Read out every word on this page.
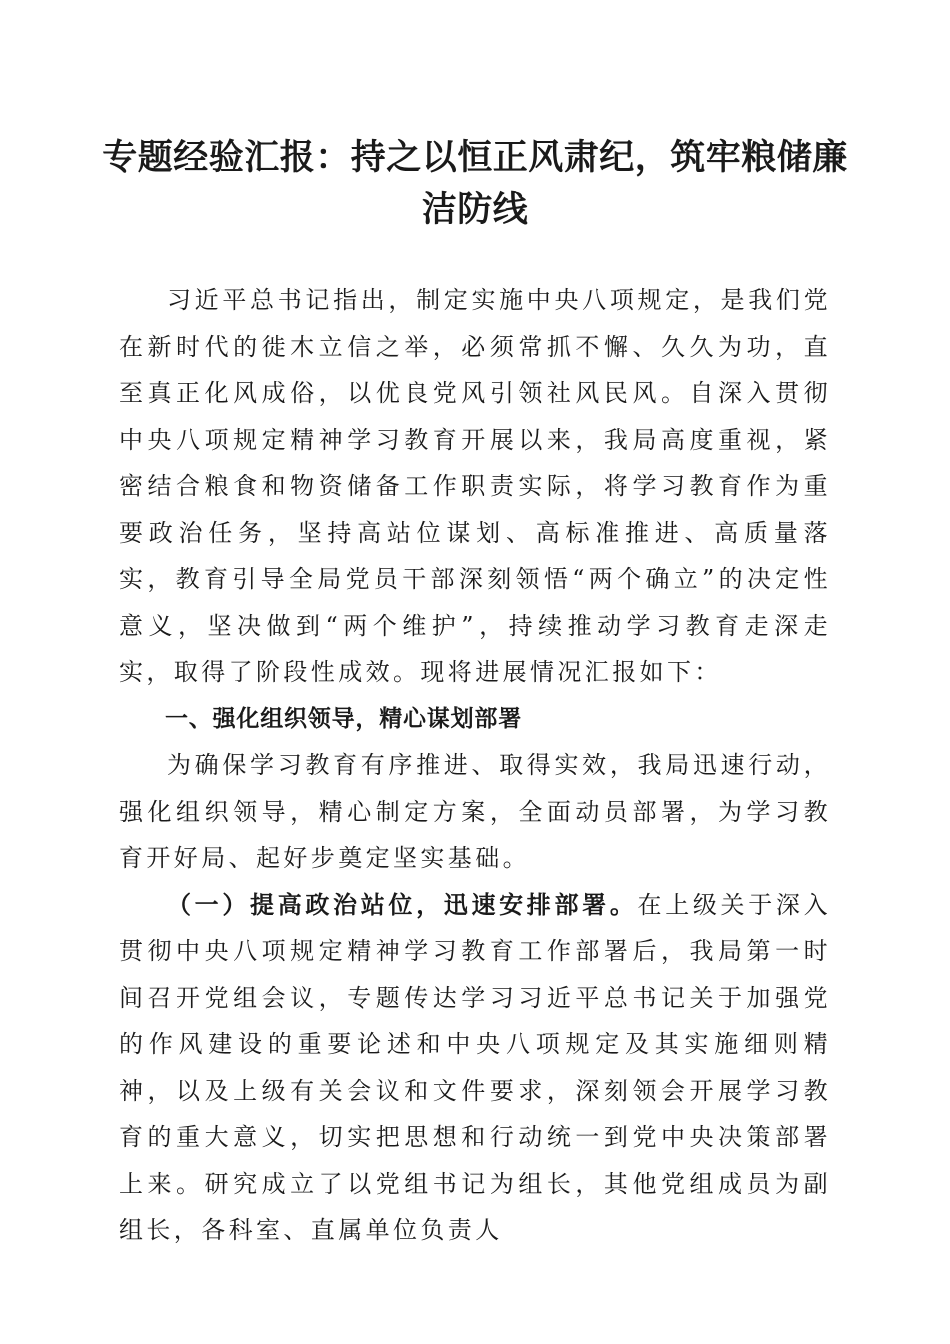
专题经验汇报：持之以恒正风肃纪，筑牢粮储廉洁防线

习近平总书记指出，制定实施中央八项规定，是我们党在新时代的徙木立信之举，必须常抓不懈、久久为功，直至真正化风成俗，以优良党风引领社风民风。自深入贯彻中央八项规定精神学习教育开展以来，我局高度重视，紧密结合粮食和物资储备工作职责实际，将学习教育作为重要政治任务，坚持高站位谋划、高标准推进、高质量落实，教育引导全局党员干部深刻领悟“两个确立”的决定性意义，坚决做到“两个维护”，持续推动学习教育走深走实，取得了阶段性成效。现将进展情况汇报如下：

一、强化组织领导，精心谋划部署

为确保学习教育有序推进、取得实效，我局迅速行动，强化组织领导，精心制定方案，全面动员部署，为学习教育开好局、起好步奠定坚实基础。

（一）提高政治站位，迅速安排部署。在上级关于深入贯彻中央八项规定精神学习教育工作部署后，我局第一时间召开党组会议，专题传达学习习近平总书记关于加强党的作风建设的重要论述和中央八项规定及其实施细则精神，以及上级有关会议和文件要求，深刻领会开展学习教育的重大意义，切实把思想和行动统一到党中央决策部署上来。研究成立了以党组书记为组长，其他党组成员为副组长，各科室、直属单位负责人
